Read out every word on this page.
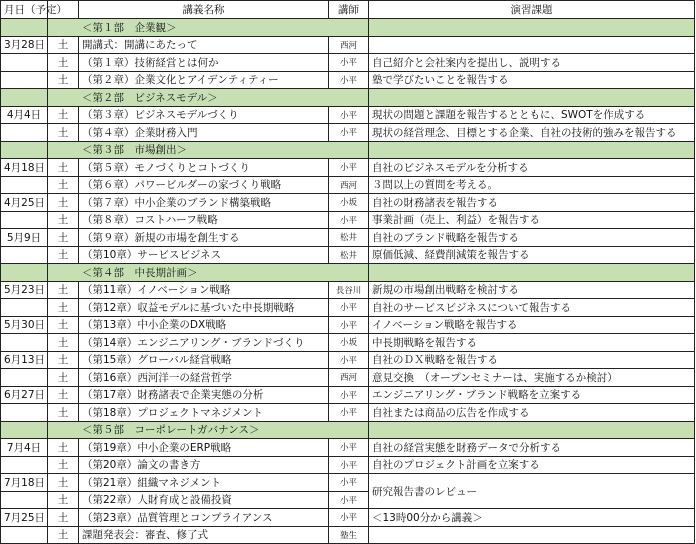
月日（予定）		講義名称	講師	演習課題
	＜第１部　企業観＞			
3月28日	土	開講式：開講にあたって	西河	
	土	（第１章）技術経営とは何か	小平	自己紹介と会社案内を提出し、説明する
	土	（第２章）企業文化とアイデンティティー	小平	塾で学びたいことを報告する
	＜第２部　ビジネスモデル＞			
4月4日	土	（第３章）ビジネスモデルづくり	小平	現状の問題と課題を報告するとともに、SWOTを作成する
	土	（第４章）企業財務入門	小平	現状の経営理念、目標とする企業、自社の技術的強みを報告する
	＜第３部　市場創出＞			
4月18日	土	（第５章）モノづくりとコトづくり	小平	自社のビジネスモデルを分析する
	土	（第６章）パワービルダーの家づくり戦略	西河	３問以上の質問を考える。
4月25日	土	（第７章）中小企業のブランド構築戦略	小坂	自社の財務諸表を報告する
	土	（第８章）コストハーフ戦略	小平	事業計画（売上、利益）を報告する
5月9日	土	（第９章）新規の市場を創生する	松井	自社のブランド戦略を報告する
	土	（第10章）サービスビジネス	松井	原価低減、経費削減策を報告する
	＜第４部　中長期計画＞			
5月23日	土	（第11章）イノベーション戦略	長谷川	新規の市場創出戦略を検討する
	土	（第12章）収益モデルに基づいた中長期戦略	小平	自社のサービスビジネスについて報告する
5月30日	土	（第13章）中小企業のDX戦略	小平	イノベーション戦略を報告する
	土	（第14章）エンジニアリング・ブランドづくり	小坂	中長期戦略を報告する
6月13日	土	（第15章）グローバル経営戦略	小平	自社のＤＸ戦略を報告する
	土	（第16章）西河洋一の経営哲学	西河	意見交換　（オープンセミナーは、実施するか検討）
6月27日	土	（第17章）財務諸表で企業実態の分析	小平	エンジニアリング・ブランド戦略を立案する
	土	（第18章）プロジェクトマネジメント	小平	自社または商品の広告を作成する
	＜第５部　コーポレートガバナンス＞			
7月4日	土	（第19章）中小企業のERP戦略	小平	自社の経営実態を財務データで分析する
	土	（第20章）論文の書き方	小平	自社のプロジェクト計画を立案する
7月18日	土	（第21章）組織マネジメント	小平	研究報告書のレビュー
	土	（第22章）人財育成と設備投資	小平	
7月25日	土	（第23章）品質管理とコンプライアンス	小平	＜13時00分から講義＞
	土	課題発表会：審査、修了式	塾生	
